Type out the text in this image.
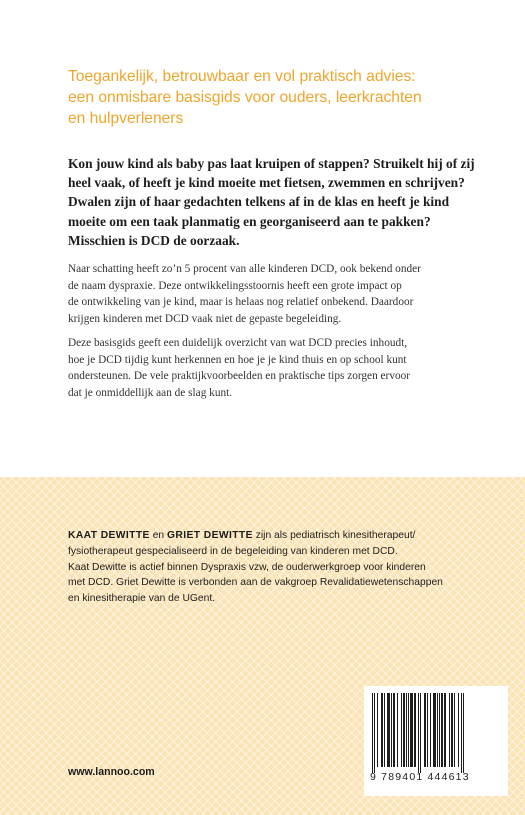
Toegankelijk, betrouwbaar en vol praktisch advies:
een onmisbare basisgids voor ouders, leerkrachten
en hulpverleners

Kon jouw kind als baby pas laat kruipen of stappen? Struikelt hij of zij
heel vaak, of heeft je kind moeite met fietsen, zwemmen en schrijven?
Dwalen zijn of haar gedachten telkens af in de klas en heeft je kind
moeite om een taak planmatig en georganiseerd aan te pakken?
Misschien is DCD de oorzaak.

Naar schatting heeft zo’n 5 procent van alle kinderen DCD, ook bekend onder
de naam dyspraxie. Deze ontwikkelingsstoornis heeft een grote impact op
de ontwikkeling van je kind, maar is helaas nog relatief onbekend. Daardoor
krijgen kinderen met DCD vaak niet de gepaste begeleiding.

Deze basisgids geeft een duidelijk overzicht van wat DCD precies inhoudt,
hoe je DCD tijdig kunt herkennen en hoe je je kind thuis en op school kunt
ondersteunen. De vele praktijkvoorbeelden en praktische tips zorgen ervoor
dat je onmiddellijk aan de slag kunt.

KAAT DEWITTE en GRIET DEWITTE zijn als pediatrisch kinesitherapeut/
fysiotherapeut gespecialiseerd in de begeleiding van kinderen met DCD.
Kaat Dewitte is actief binnen Dyspraxis vzw, de ouderwerkgroep voor kinderen
met DCD. Griet Dewitte is verbonden aan de vakgroep Revalidatiewetenschappen
en kinesitherapie van de UGent.

www.lannoo.com	9 789401 444613
